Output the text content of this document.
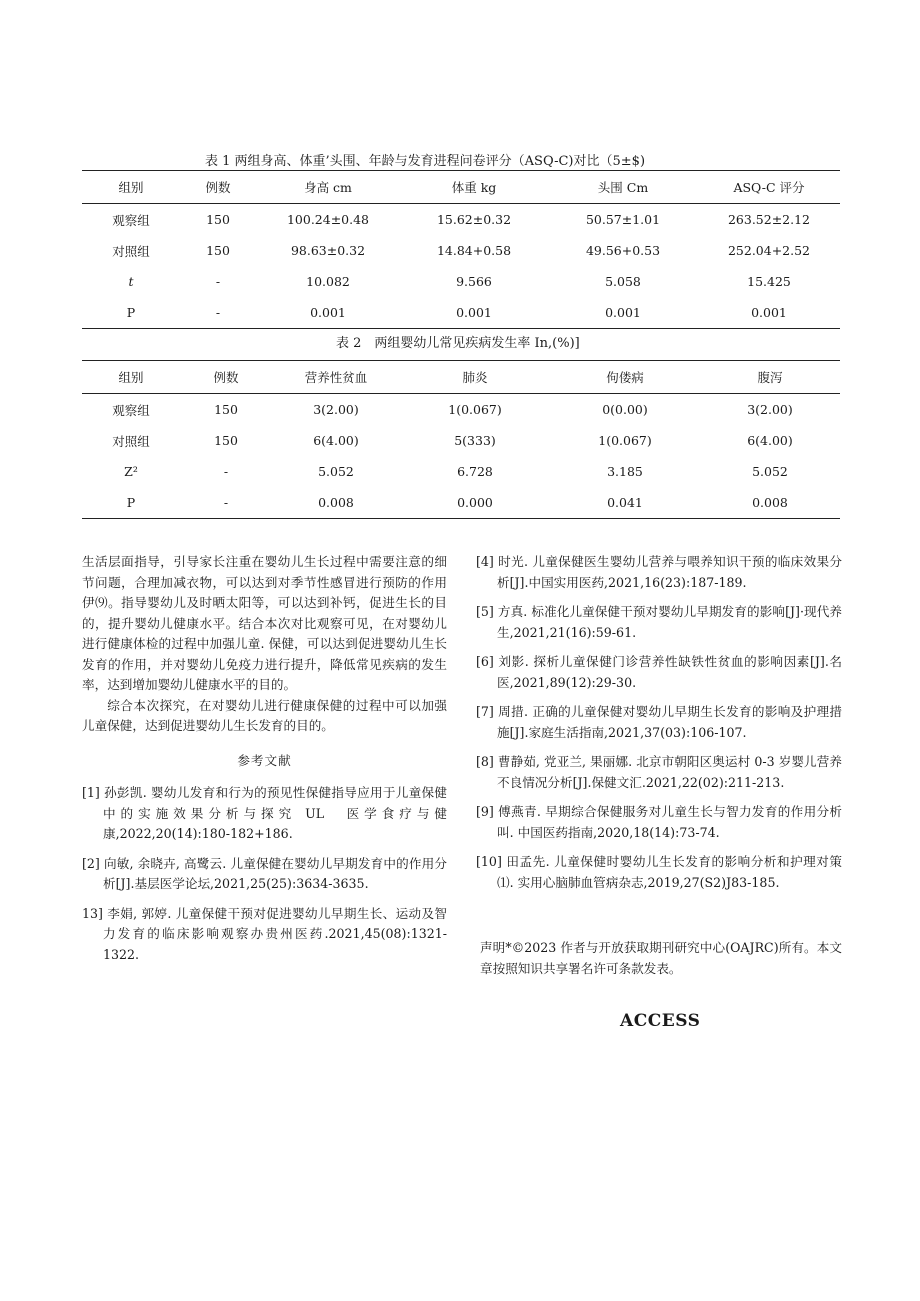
表 1 两组身高、体重’头围、年龄与发育进程问卷评分（ASQ-C)对比（5±$)
组别	例数	身高 cm	体重 kg	头围 Cm	ASQ-C 评分
观察组	150	100.24±0.48	15.62±0.32	50.57±1.01	263.52±2.12
对照组	150	98.63±0.32	14.84+0.58	49.56+0.53	252.04+2.52
t	-	10.082	9.566	5.058	15.425
P	-	0.001	0.001	0.001	0.001
表 2　两组婴幼儿常见疾病发生率 In,(%)]
组别	例数	营养性贫血	肺炎	佝偻病	腹泻
观察组	150	3(2.00)	1(0.067)	0(0.00)	3(2.00)
对照组	150	6(4.00)	5(333)	1(0.067)	6(4.00)
Z²	-	5.052	6.728	3.185	5.052
P	-	0.008	0.000	0.041	0.008

生活层面指导，引导家长注重在婴幼儿生长过程中需要注意的细节问题，合理加减衣物，可以达到对季节性感冒进行预防的作用伊⑼。指导婴幼儿及时晒太阳等，可以达到补钙，促进生长的目的，提升婴幼儿健康水平。结合本次对比观察可见，在对婴幼儿进行健康体检的过程中加强儿童. 保健，可以达到促进婴幼儿生长发育的作用，并对婴幼儿免疫力进行提升，降低常见疾病的发生率，达到增加婴幼儿健康水平的目的。

综合本次探究，在对婴幼儿进行健康保健的过程中可以加强儿童保健，达到促进婴幼儿生长发育的目的。

参考文献

[1] 孙彭凯. 婴幼儿发育和行为的预见性保健指导应用于儿童保健中的实施效果分析与探究 UL　医学食疗与健康,2022,20(14):180-182+186.

[2] 向敏, 余晓卉, 高鹭云. 儿童保健在婴幼儿早期发育中的作用分析[J].基层医学论坛,2021,25(25):3634-3635.

13] 李娟, 郭婷. 儿童保健干预对促进婴幼儿早期生长、运动及智力发育的临床影响观察办贵州医药.2021,45(08):1321-1322.

[4] 时光. 儿童保健医生婴幼儿营养与喂养知识干预的临床效果分析[J].中国实用医药,2021,16(23):187-189.

[5] 方真. 标准化儿童保健干预对婴幼儿早期发育的影响[J]·现代养生,2021,21(16):59-61.

[6] 刘影. 探析儿童保健门诊营养性缺铁性贫血的影响因素[J].名医,2021,89(12):29-30.

[7] 周措. 正确的儿童保健对婴幼儿早期生长发育的影响及护理措施[J].家庭生活指南,2021,37(03):106-107.

[8] 曹静茹, 党亚兰, 果丽娜. 北京市朝阳区奥运村 0-3 岁婴儿营养不良情况分析[J].保健文汇.2021,22(02):211-213.

[9] 傅燕青. 早期综合保健服务对儿童生长与智力发育的作用分析叫. 中国医药指南,2020,18(14):73-74.

[10] 田孟先. 儿童保健时婴幼儿生长发育的影响分析和护理对策⑴. 实用心脑肺血管病杂志,2019,27(S2)J83-185.

声明*©2023 作者与开放获取期刊研究中心(OAJRC)所有。本文章按照知识共享署名许可条款发表。
ACCESS
